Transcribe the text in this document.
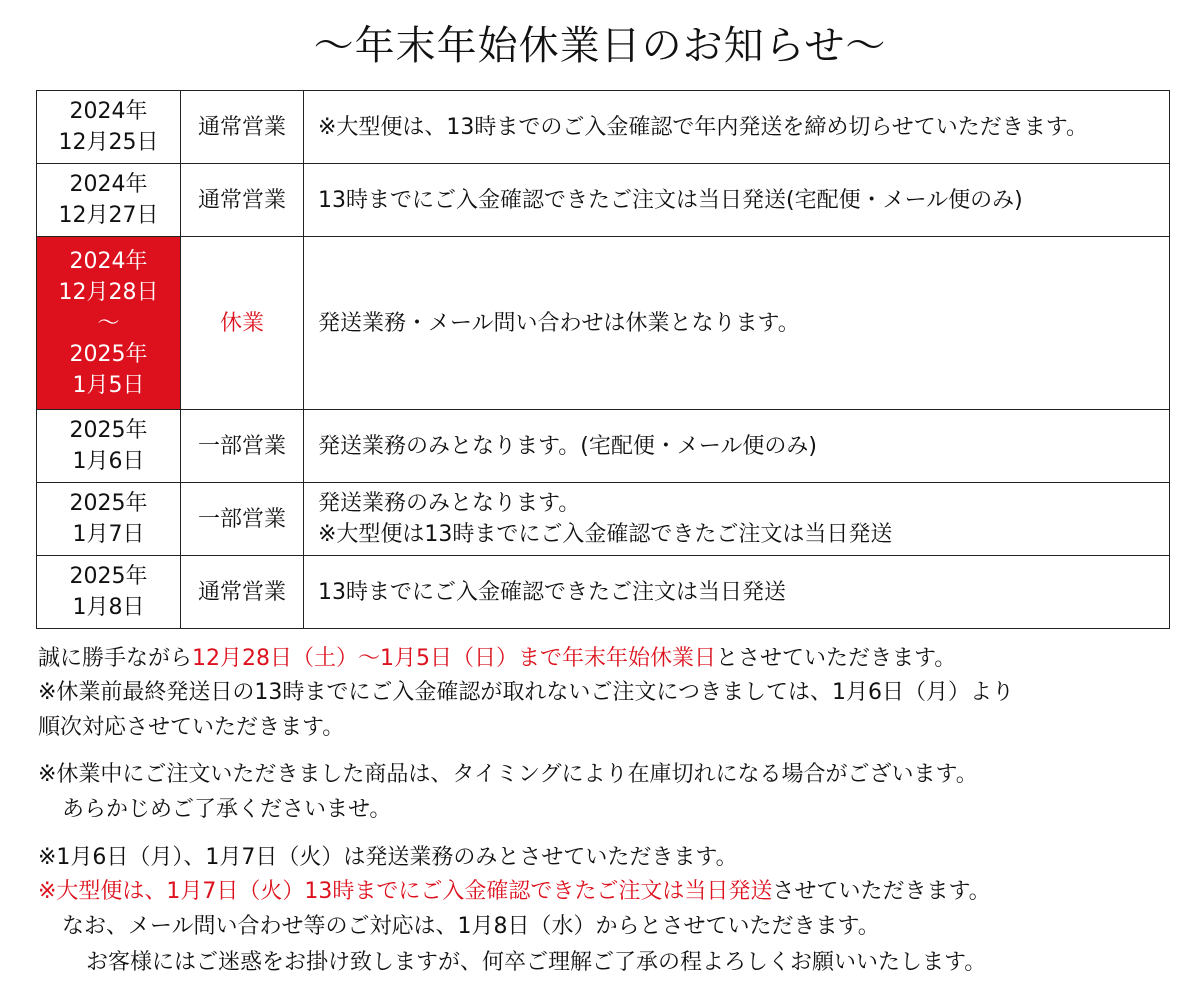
〜年末年始休業日のお知らせ〜
2024年
12月25日	通常営業	※大型便は、13時までのご入金確認で年内発送を締め切らせていただきます。

2024年
12月27日	通常営業	13時までにご入金確認できたご注文は当日発送(宅配便・メール便のみ)

2024年
12月28日
〜
2025年
1月5日	休業	発送業務・メール問い合わせは休業となります。

2025年
1月6日	一部営業	発送業務のみとなります。(宅配便・メール便のみ)

2025年
1月7日	一部営業	発送業務のみとなります。
※大型便は13時までにご入金確認できたご注文は当日発送

2025年
1月8日	通常営業	13時までにご入金確認できたご注文は当日発送
誠に勝手ながら12月28日（土）〜1月5日（日）まで年末年始休業日とさせていただきます。
※休業前最終発送日の13時までにご入金確認が取れないご注文につきましては、1月6日（月）より
順次対応させていただきます。
※休業中にご注文いただきました商品は、タイミングにより在庫切れになる場合がございます。
あらかじめご了承くださいませ。
※1月6日（月）、1月7日（火）は発送業務のみとさせていただきます。
※大型便は、1月7日（火）13時までにご入金確認できたご注文は当日発送させていただきます。
なお、メール問い合わせ等のご対応は、1月8日（水）からとさせていただきます。
お客様にはご迷惑をお掛け致しますが、何卒ご理解ご了承の程よろしくお願いいたします。
